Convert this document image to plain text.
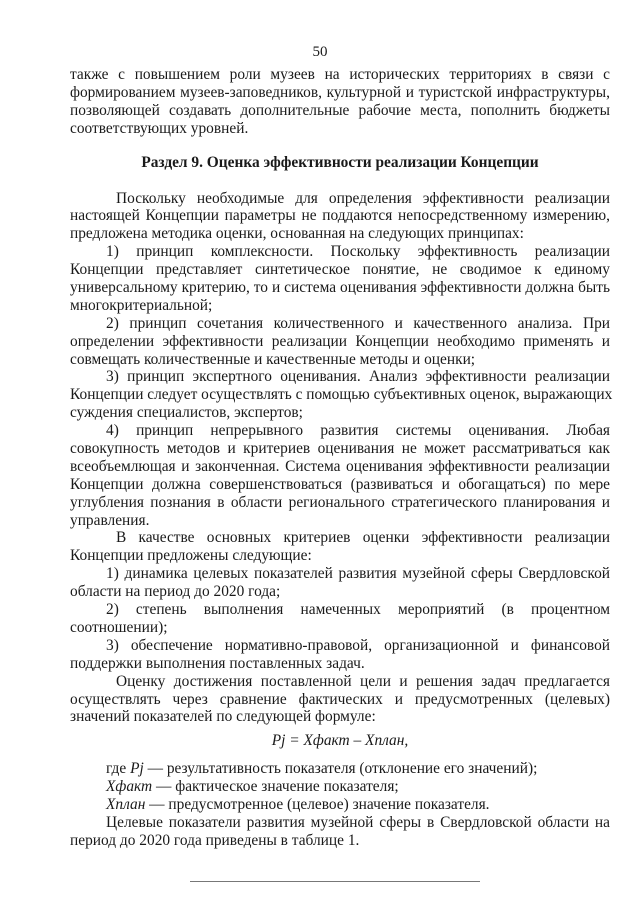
50
также с повышением роли музеев на исторических территориях в связи с
формированием музеев-заповедников, культурной и туристской инфраструктуры,
позволяющей создавать дополнительные рабочие места, пополнить бюджеты
соответствующих уровней.
Раздел 9. Оценка эффективности реализации Концепции
Поскольку необходимые для определения эффективности реализации
настоящей Концепции параметры не поддаются непосредственному измерению,
предложена методика оценки, основанная на следующих принципах:
1) принцип комплексности. Поскольку эффективность реализации
Концепции представляет синтетическое понятие, не сводимое к единому
универсальному критерию, то и система оценивания эффективности должна быть
многокритериальной;
2) принцип сочетания количественного и качественного анализа. При
определении эффективности реализации Концепции необходимо применять и
совмещать количественные и качественные методы и оценки;
3) принцип экспертного оценивания. Анализ эффективности реализации
Концепции следует осуществлять с помощью субъективных оценок, выражающих
суждения специалистов, экспертов;
4) принцип непрерывного развития системы оценивания. Любая
совокупность методов и критериев оценивания не может рассматриваться как
всеобъемлющая и законченная. Система оценивания эффективности реализации
Концепции должна совершенствоваться (развиваться и обогащаться) по мере
углубления познания в области регионального стратегического планирования и
управления.
В качестве основных критериев оценки эффективности реализации
Концепции предложены следующие:
1) динамика целевых показателей развития музейной сферы Свердловской
области на период до 2020 года;
2) степень выполнения намеченных мероприятий (в процентном
соотношении);
3) обеспечение нормативно-правовой, организационной и финансовой
поддержки выполнения поставленных задач.
Оценку достижения поставленной цели и решения задач предлагается
осуществлять через сравнение фактических и предусмотренных (целевых)
значений показателей по следующей формуле:
Pj = Xфакт – Xплан,
где Pj — результативность показателя (отклонение его значений);
Xфакт — фактическое значение показателя;
Xплан — предусмотренное (целевое) значение показателя.
Целевые показатели развития музейной сферы в Свердловской области на
период до 2020 года приведены в таблице 1.
